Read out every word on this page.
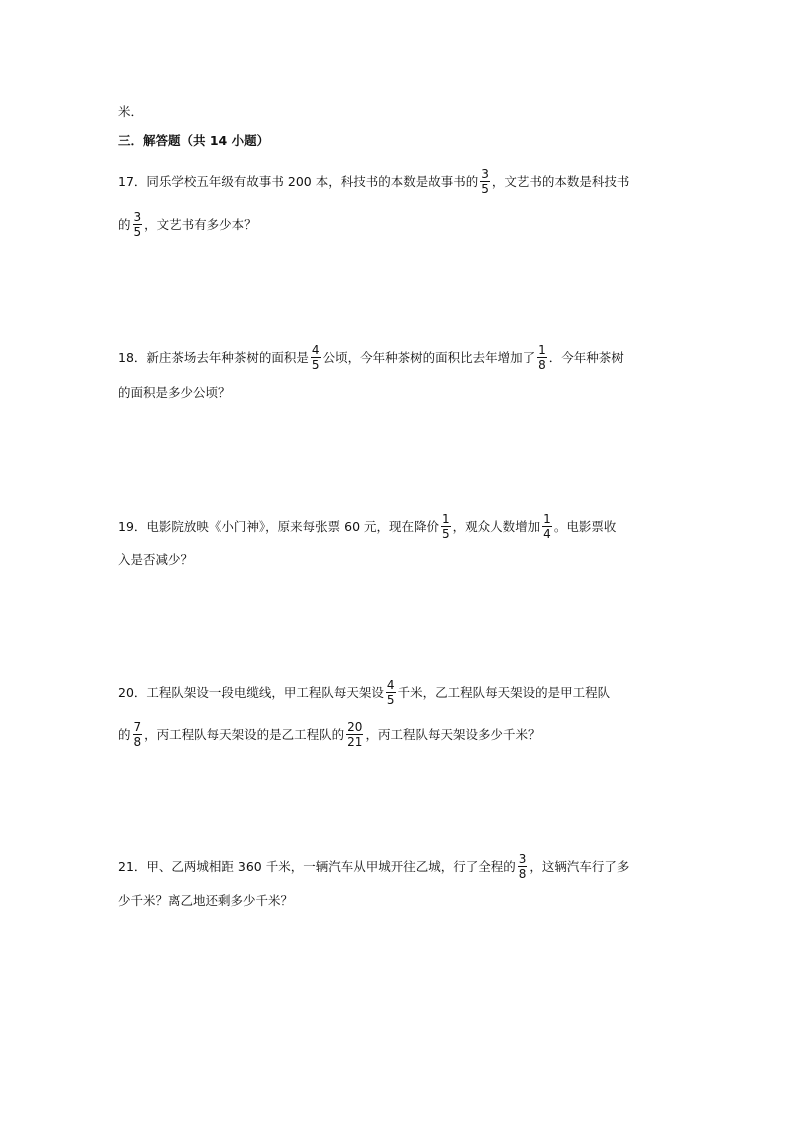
米．
三．解答题（共 14 小题）
17．同乐学校五年级有故事书 200 本，科技书的本数是故事书的 $\frac{3}{5}$ ，文艺书的本数是科技书
的 $\frac{3}{5}$ ，文艺书有多少本？
18．新庄茶场去年种茶树的面积是 $\frac{4}{5}$ 公顷，今年种茶树的面积比去年增加了 $\frac{1}{8}$ ．今年种茶树
的面积是多少公顷？
19．电影院放映《小门神》，原来每张票 60 元，现在降价 $\frac{1}{5}$ ，观众人数增加 $\frac{1}{4}$ 。电影票收
入是否减少？
20．工程队架设一段电缆线，甲工程队每天架设 $\frac{4}{5}$ 千米，乙工程队每天架设的是甲工程队
的 $\frac{7}{8}$ ，丙工程队每天架设的是乙工程队的 $\frac{20}{21}$ ，丙工程队每天架设多少千米？
21．甲、乙两城相距 360 千米，一辆汽车从甲城开往乙城，行了全程的 $\frac{3}{8}$ ，这辆汽车行了多
少千米？离乙地还剩多少千米？
